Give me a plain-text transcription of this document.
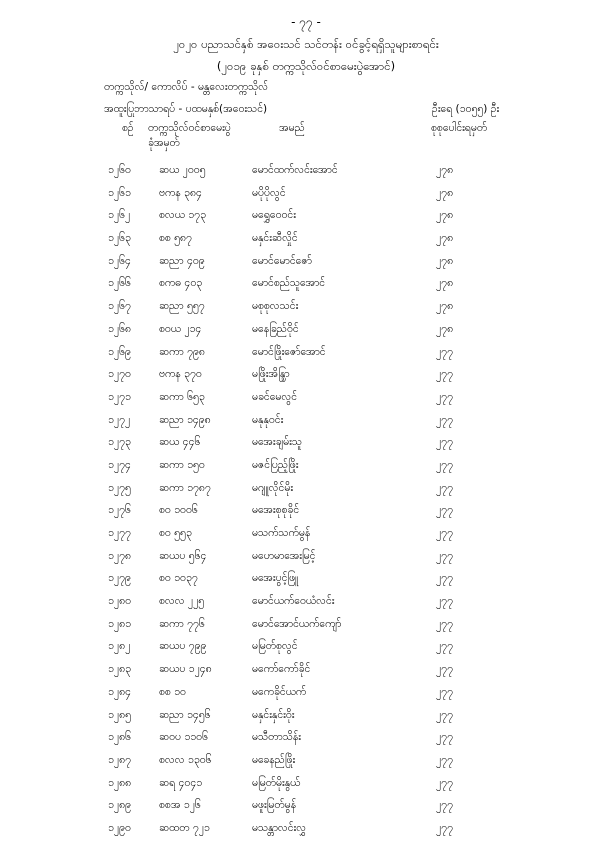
- ၇၇ -
၂၀၂၀ ပညာသင်နှစ် အဝေးသင် သင်တန်း ဝင်ခွင့်ရရှိသူများစာရင်း
(၂၀၁၉ ခုနှစ် တက္ကသိုလ်ဝင်စာမေးပွဲအောင်)
တက္ကသိုလ်/ ကောလိပ် - မန္တလေးတက္ကသိုလ်
အထူးပြုဘာသာရပ် - ပထမနှစ်(အဝေးသင်)	ဦးရေ (၁၀၅၅) ဦး
စဉ် တက္ကသိုလ်ဝင်စာမေးပွဲ
ခုံအမှတ်
အမည်	စုစုပေါင်းရမှတ်
၁၂၆၀	ဆယ ၂၀၀၅	မောင်ထက်လင်းအောင်	၂၇၈
၁၂၆၁	ဗကန ၃၈၄	မပိုပိုလွင်	၂၇၈
၁၂၆၂	စလယ ၁၇၃	မရွှေဝေဝင်း	၂၇၈
၁၂၆၃	စစ ၅၈၇	မနှင်းဆီလှိုင်	၂၇၈
၁၂၆၄	ဆညာ ၄၀၉	မောင်မောင်ဇော်	၂၇၈
၁၂၆၆	စကဓ ၄၀၃	မောင်စည်သူအောင်	၂၇၈
၁၂၆၇	ဆညာ ၅၅၇	မစုစုလသင်း	၂၇၈
၁၂၆၈	စဝယ ၂၁၄	မနေခြည်ဝိုင်	၂၇၈
၁၂၆၉	ဆကာ ၇၉၈	မောင်ဖြိုးဇော်အောင်	၂၇၇
၁၂၇၀	ဗကန ၃၇၀	မဖြိုးအိန္ဒြာ	၂၇၇
၁၂၇၁	ဆကာ ၆၅၃	မခင်မေလွင်	၂၇၇
၁၂၇၂	ဆညာ ၁၄၉၈	မနုနုဝင်း	၂၇၇
၁၂၇၃	ဆယ ၄၄၆	မအေးချမ်းသူ	၂၇၇
၁၂၇၄	ဆကာ ၁၅၀	မဇင်ပြည့်ဖြိုး	၂၇၇
၁၂၇၅	ဆကာ ၁၇၈၇	မဂျူလိုင်မိုး	၂၇၇
၁၂၇၆	စဝ ၁၀၀၆	မအေးစုစုခိုင်	၂၇၇
၁၂၇၇	စဝ ၅၅၃	မသက်သက်မွန်	၂၇၇
၁၂၇၈	ဆယပ ၅၆၄	မဟေမာအေးမြင့်	၂၇၇
၁၂၇၉	စဝ ၁၀၃၇	မအေးပွင့်ဖြူ	၂၇၇
၁၂၈၀	စလလ ၂၂၅	မောင်ယက်ဝေယံလင်း	၂၇၇
၁၂၈၁	ဆကာ ၇၇၆	မောင်အောင်ယက်ကျော်	၂၇၇
၁၂၈၂	ဆယပ ၇၉၉	မမြတ်စုလွင်	၂၇၇
၁၂၈၃	ဆယပ ၁၂၄၈	မကော်ကော်ခိုင်	၂၇၇
၁၂၈၄	စစ ၁၀	မကေခိုင်ယက်	၂၇၇
၁၂၈၅	ဆညာ ၁၄၅၆	မနှင်းနှင်းဝိုး	၂၇၇
၁၂၈၆	ဆဝပ ၁၁၀၆	မသီတာသိန်း	၂၇၇
၁၂၈၇	စလလ ၁၃၀၆	မခေနည်ဖြိုး	၂၇၇
၁၂၈၈	ဆရ ၄၀၄၁	မမြတ်မိုးနွယ်	၂၇၇
၁၂၈၉	စစအ ၁၂၆	မဖူးမြတ်မွန်	၂၇၇
၁၂၉၀	ဆထတ ၇၂၁	မသန္တာလင်းလွှ	၂၇၇
